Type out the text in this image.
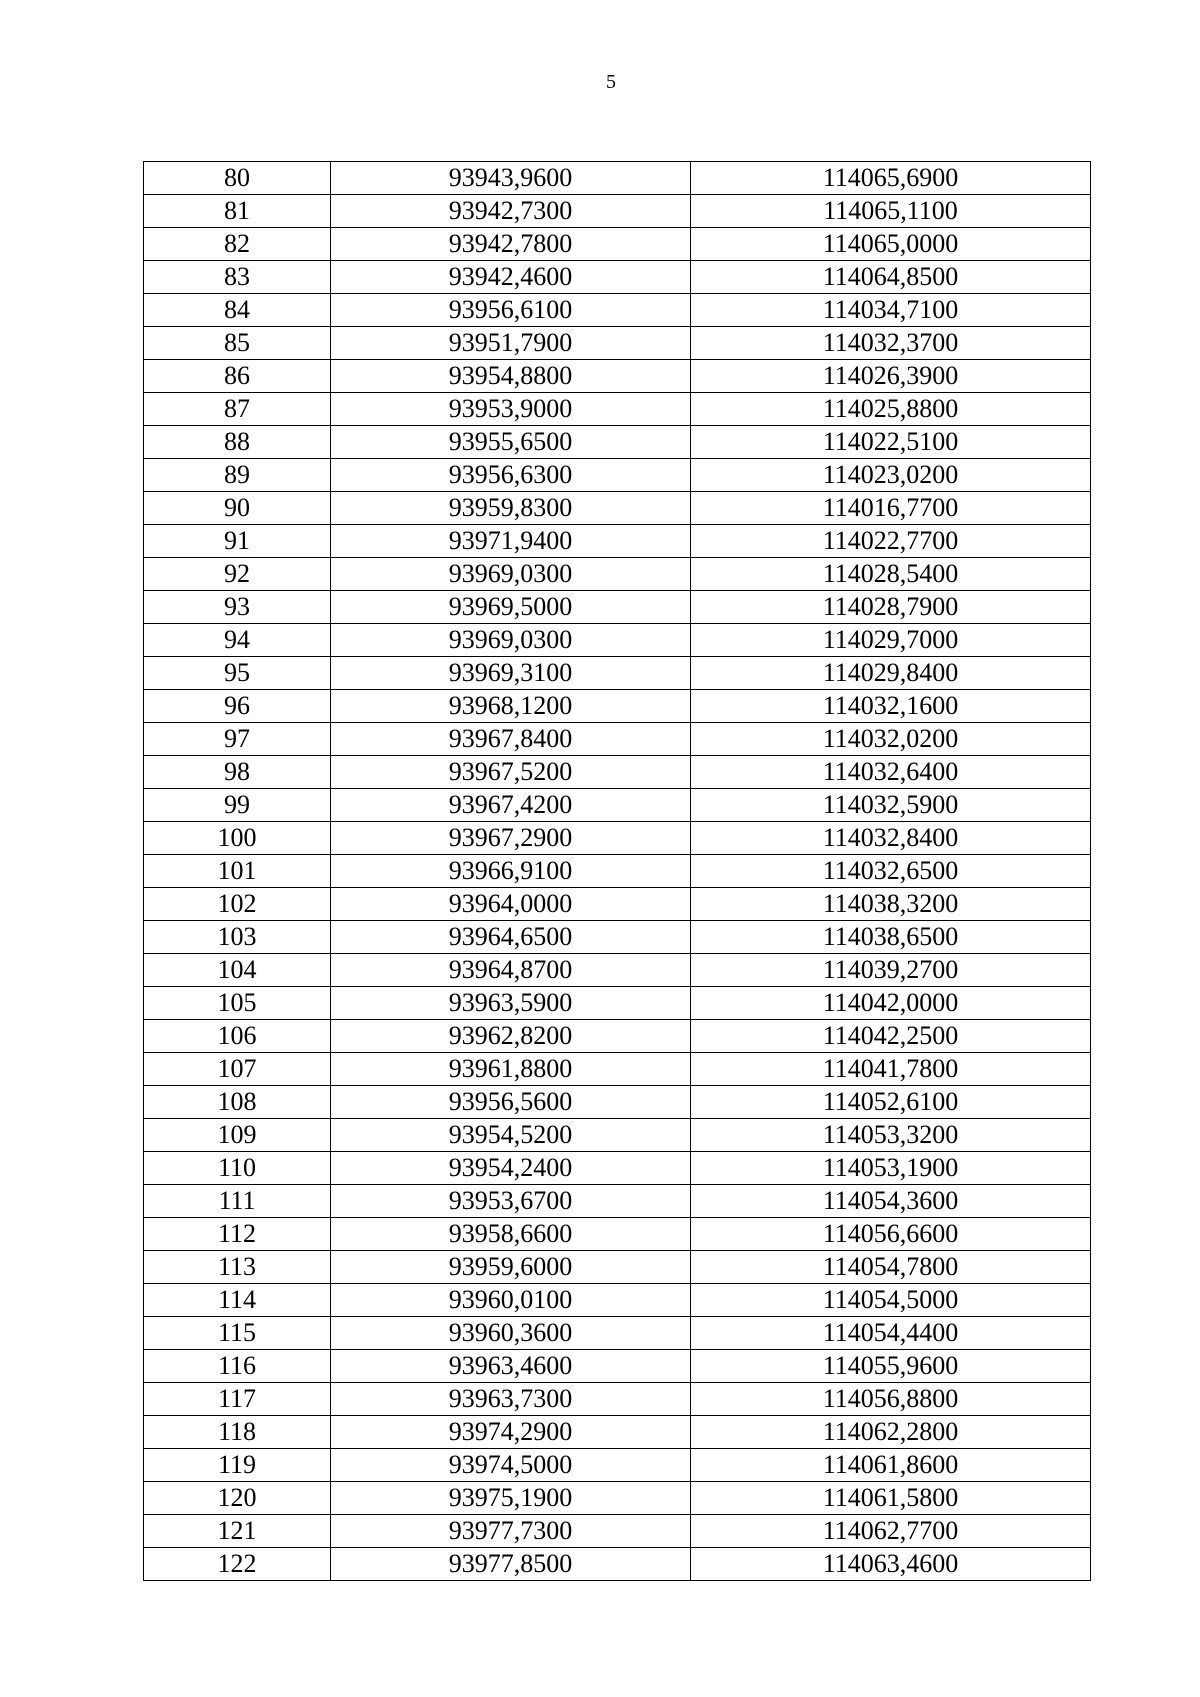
5
80	93943,9600	114065,6900
81	93942,7300	114065,1100
82	93942,7800	114065,0000
83	93942,4600	114064,8500
84	93956,6100	114034,7100
85	93951,7900	114032,3700
86	93954,8800	114026,3900
87	93953,9000	114025,8800
88	93955,6500	114022,5100
89	93956,6300	114023,0200
90	93959,8300	114016,7700
91	93971,9400	114022,7700
92	93969,0300	114028,5400
93	93969,5000	114028,7900
94	93969,0300	114029,7000
95	93969,3100	114029,8400
96	93968,1200	114032,1600
97	93967,8400	114032,0200
98	93967,5200	114032,6400
99	93967,4200	114032,5900
100	93967,2900	114032,8400
101	93966,9100	114032,6500
102	93964,0000	114038,3200
103	93964,6500	114038,6500
104	93964,8700	114039,2700
105	93963,5900	114042,0000
106	93962,8200	114042,2500
107	93961,8800	114041,7800
108	93956,5600	114052,6100
109	93954,5200	114053,3200
110	93954,2400	114053,1900
111	93953,6700	114054,3600
112	93958,6600	114056,6600
113	93959,6000	114054,7800
114	93960,0100	114054,5000
115	93960,3600	114054,4400
116	93963,4600	114055,9600
117	93963,7300	114056,8800
118	93974,2900	114062,2800
119	93974,5000	114061,8600
120	93975,1900	114061,5800
121	93977,7300	114062,7700
122	93977,8500	114063,4600
